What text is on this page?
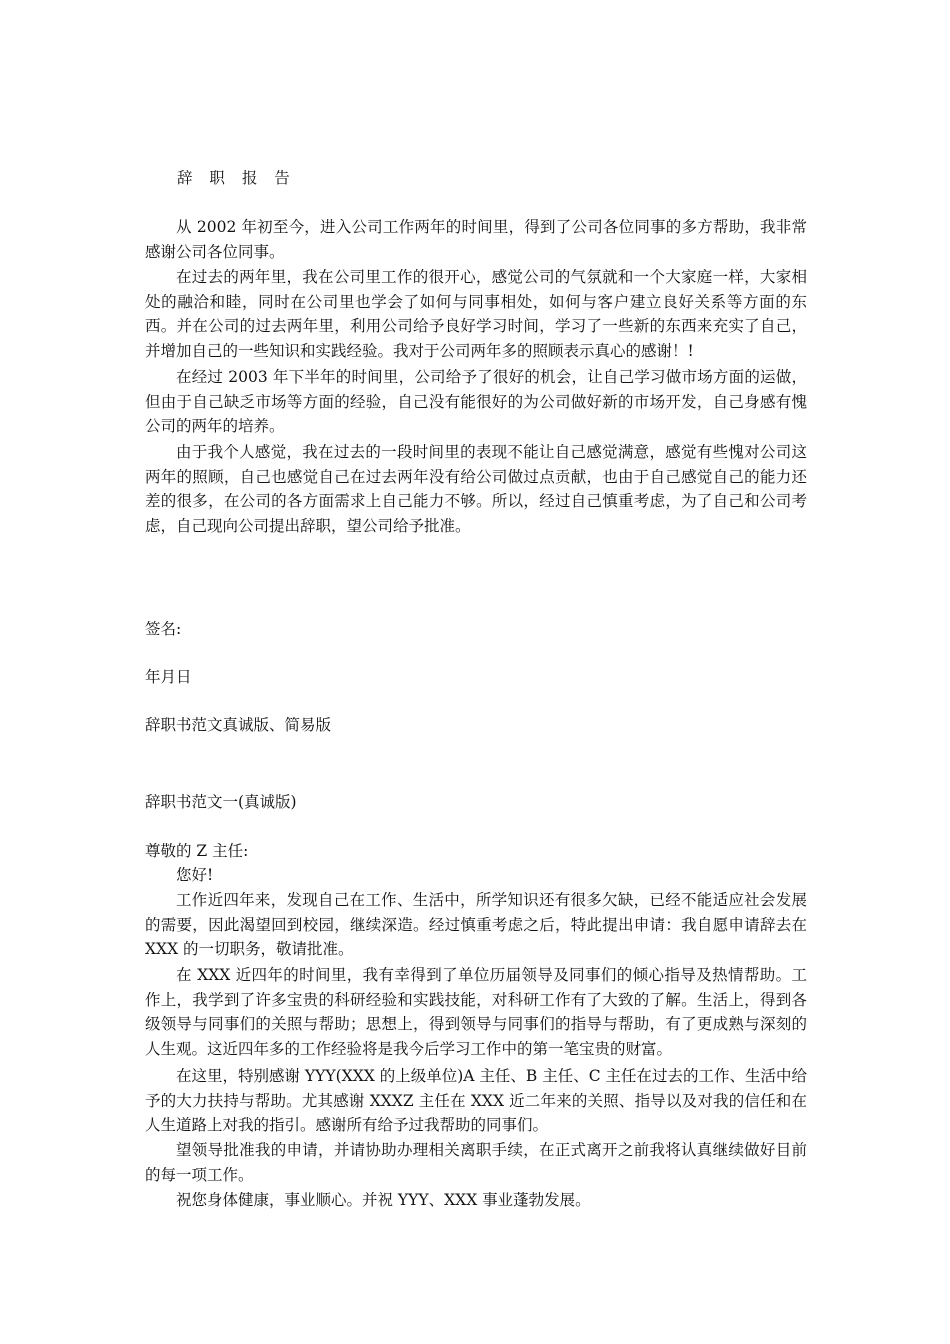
辞 职 报 告

从 2002 年初至今，进入公司工作两年的时间里，得到了公司各位同事的多方帮助，我非常感谢公司各位同事。

在过去的两年里，我在公司里工作的很开心，感觉公司的气氛就和一个大家庭一样，大家相处的融洽和睦，同时在公司里也学会了如何与同事相处，如何与客户建立良好关系等方面的东西。并在公司的过去两年里，利用公司给予良好学习时间，学习了一些新的东西来充实了自己，并增加自己的一些知识和实践经验。我对于公司两年多的照顾表示真心的感谢！!

在经过 2003 年下半年的时间里，公司给予了很好的机会，让自己学习做市场方面的运做，但由于自己缺乏市场等方面的经验，自己没有能很好的为公司做好新的市场开发，自己身感有愧公司的两年的培养。

由于我个人感觉，我在过去的一段时间里的表现不能让自己感觉满意，感觉有些愧对公司这两年的照顾，自己也感觉自己在过去两年没有给公司做过点贡献，也由于自己感觉自己的能力还差的很多，在公司的各方面需求上自己能力不够。所以，经过自己慎重考虑，为了自己和公司考虑，自己现向公司提出辞职，望公司给予批准。

签名:
年月日
辞职书范文真诚版、简易版
辞职书范文一(真诚版)
尊敬的 Z 主任:
您好!

工作近四年来，发现自己在工作、生活中，所学知识还有很多欠缺，已经不能适应社会发展的需要，因此渴望回到校园，继续深造。经过慎重考虑之后，特此提出申请：我自愿申请辞去在 XXX 的一切职务，敬请批准。

在 XXX 近四年的时间里，我有幸得到了单位历届领导及同事们的倾心指导及热情帮助。工作上，我学到了许多宝贵的科研经验和实践技能，对科研工作有了大致的了解。生活上，得到各级领导与同事们的关照与帮助；思想上，得到领导与同事们的指导与帮助，有了更成熟与深刻的人生观。这近四年多的工作经验将是我今后学习工作中的第一笔宝贵的财富。

在这里，特别感谢 YYY(XXX 的上级单位)A 主任、B 主任、C 主任在过去的工作、生活中给予的大力扶持与帮助。尤其感谢 XXXZ 主任在 XXX 近二年来的关照、指导以及对我的信任和在人生道路上对我的指引。感谢所有给予过我帮助的同事们。

望领导批准我的申请，并请协助办理相关离职手续，在正式离开之前我将认真继续做好目前的每一项工作。

祝您身体健康，事业顺心。并祝 YYY、XXX 事业蓬勃发展。
